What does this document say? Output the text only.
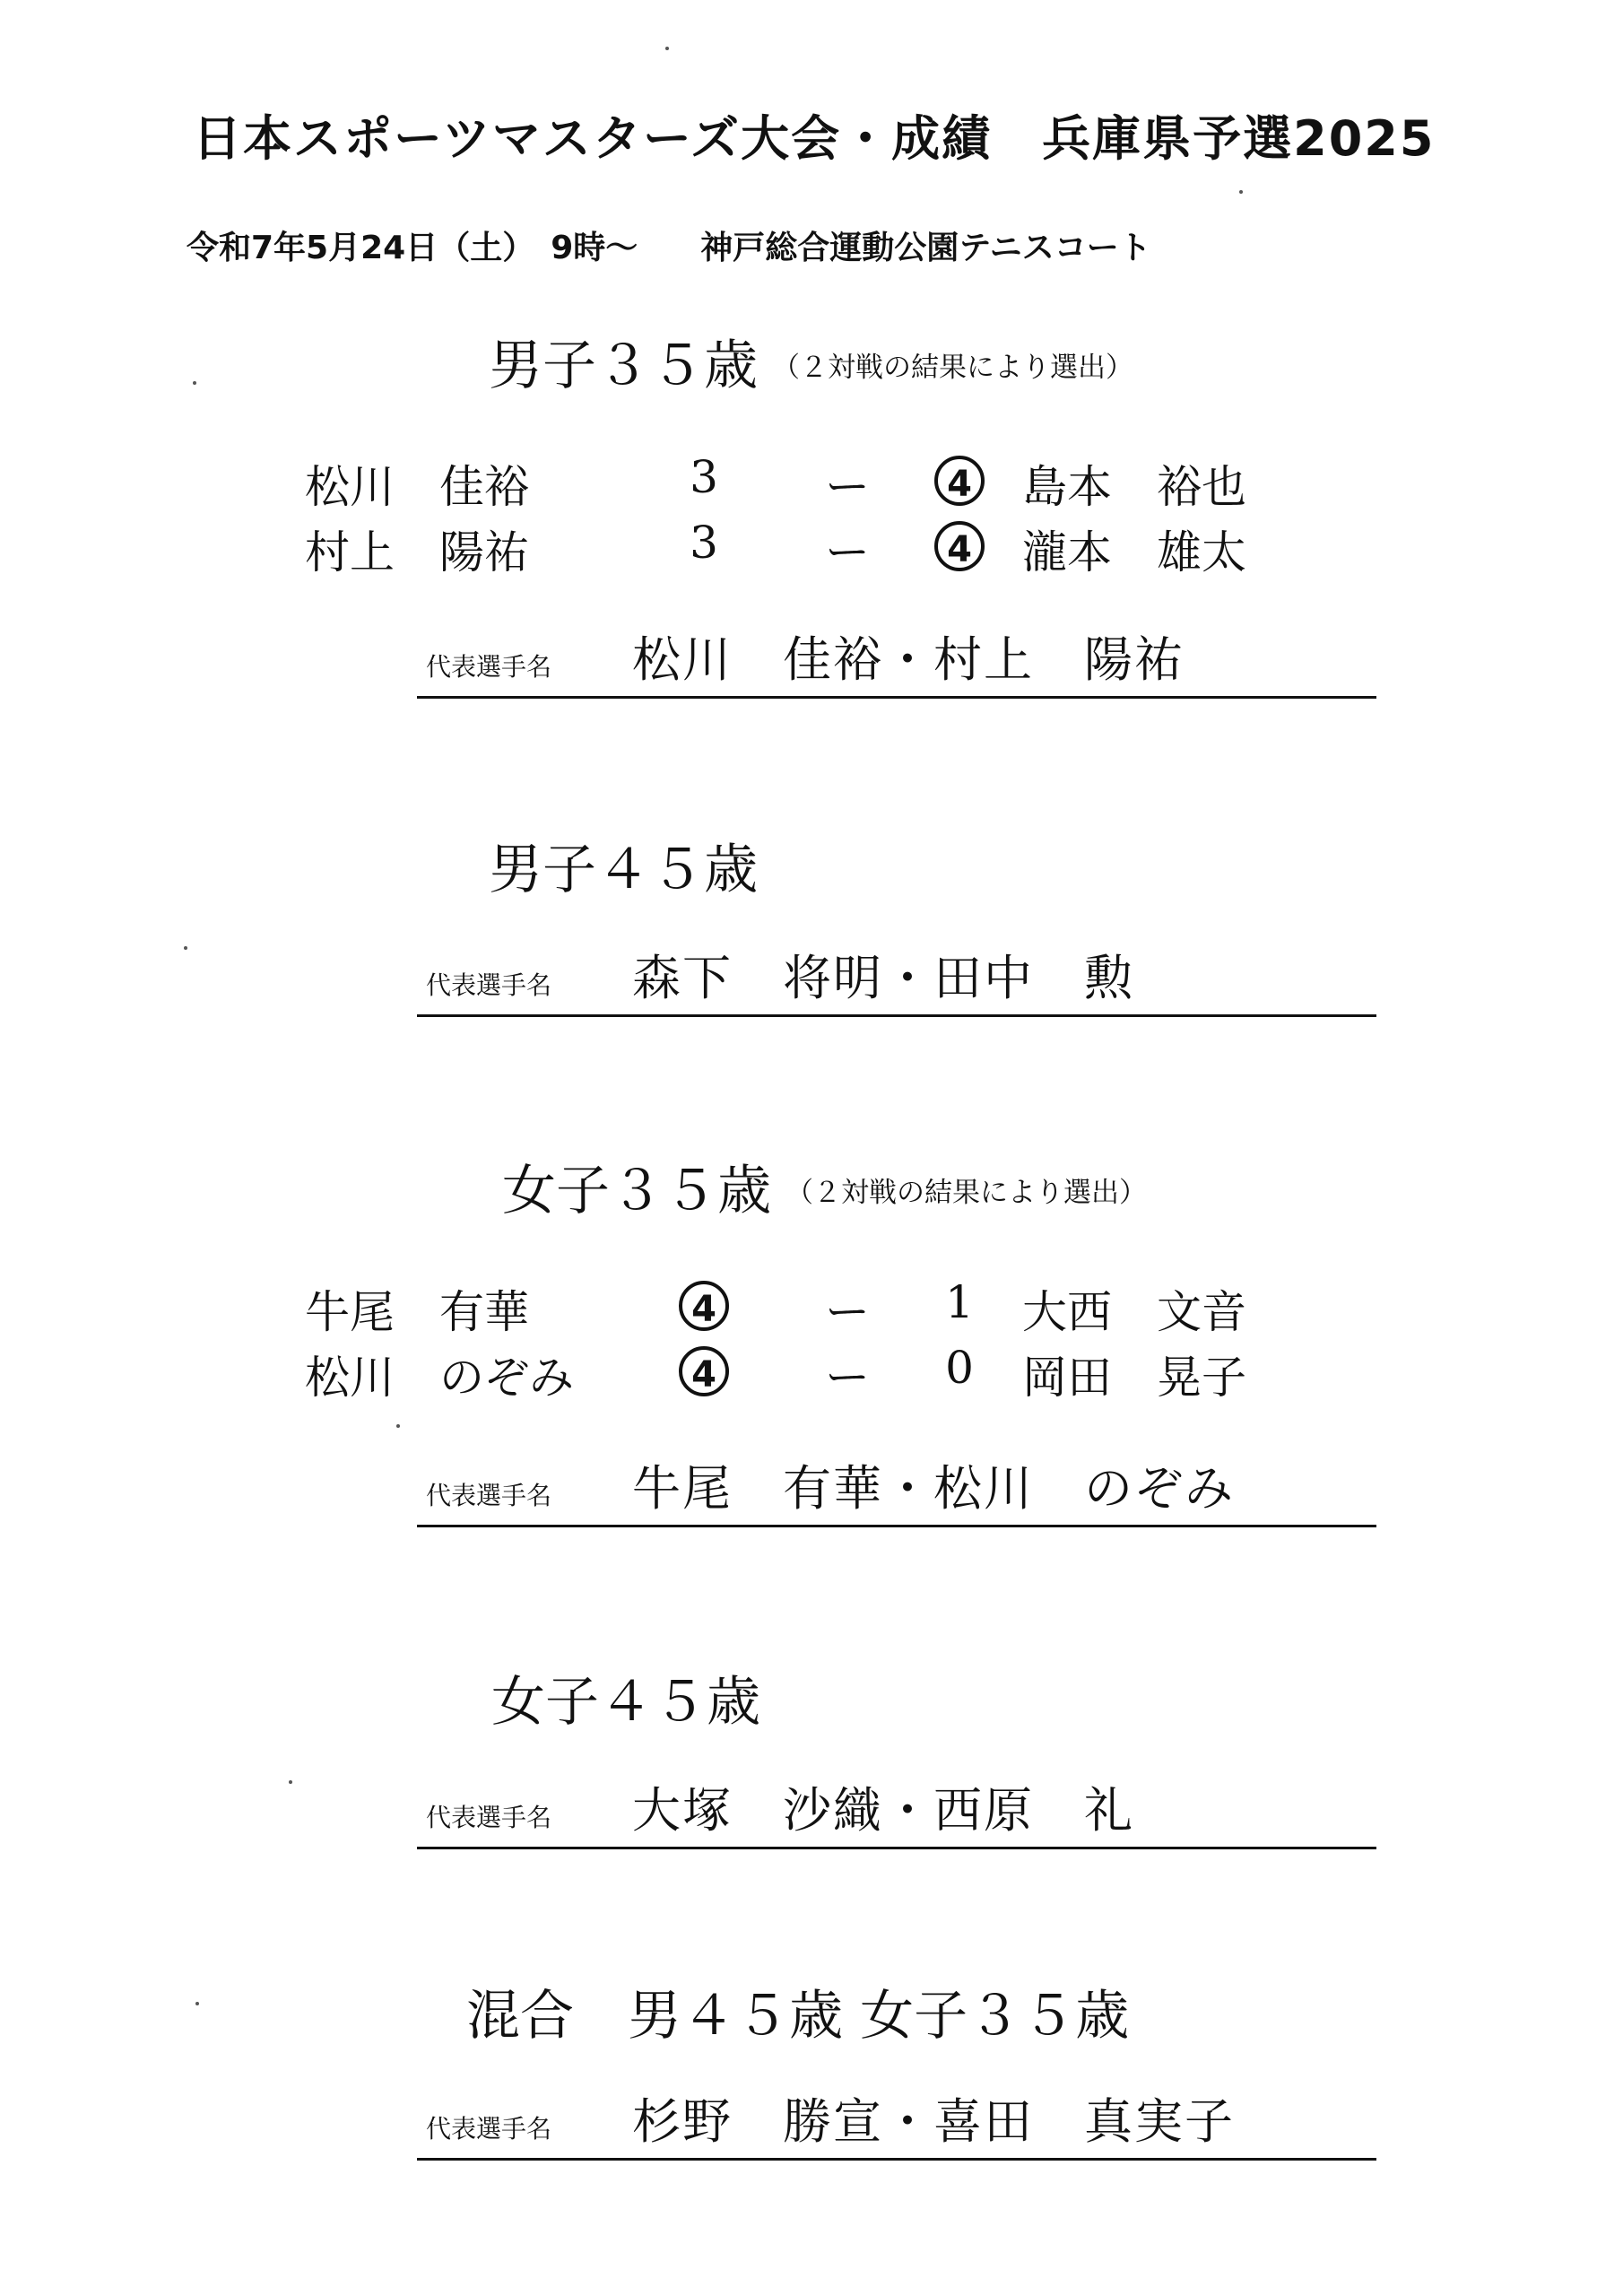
日本スポーツマスターズ大会・成績　兵庫県予選2025
令和7年5月24日（土）　9時～ 神戸総合運動公園テニスコート
男子３５歳 （２対戦の結果により選出）
松川　佳裕	3	ー	4	島本　裕也
村上　陽祐	3	ー	4	瀧本　雄太
代表選手名 松川　佳裕・村上　陽祐
男子４５歳
代表選手名 森下　将明・田中　勲
女子３５歳 （２対戦の結果により選出）
牛尾　有華	4	ー	1	大西　文音
松川　のぞみ	4	ー	0	岡田　晃子
代表選手名 牛尾　有華・松川　のぞみ
女子４５歳
代表選手名 大塚　沙織・西原　礼
混合　男４５歳 女子３５歳
代表選手名 杉野　勝宣・喜田　真実子
